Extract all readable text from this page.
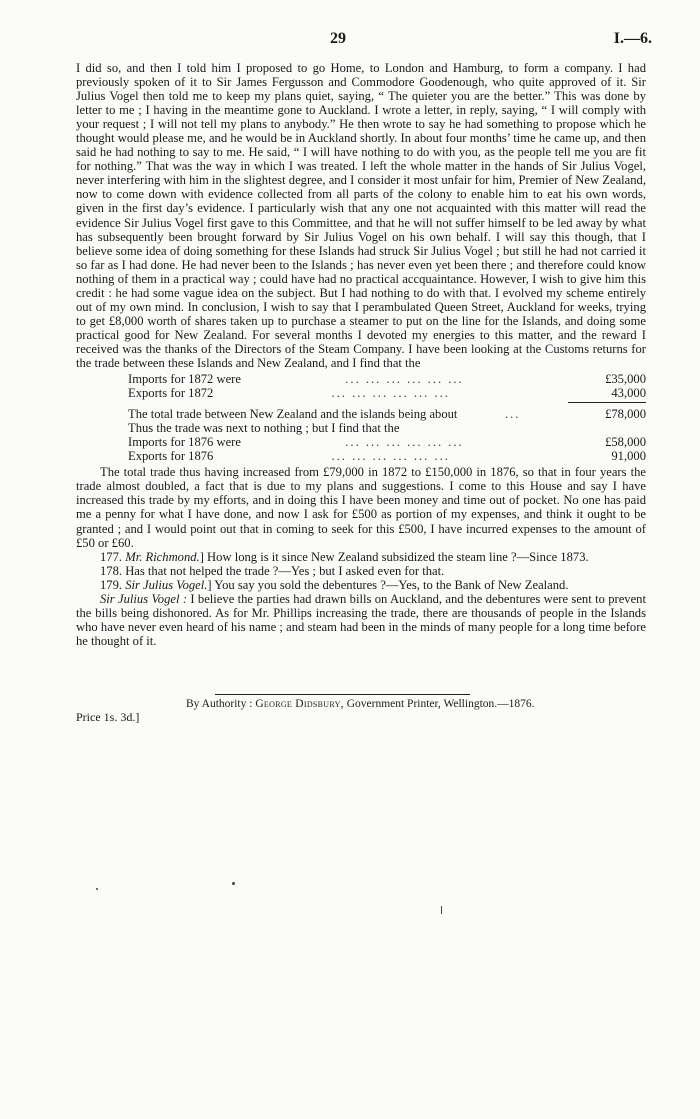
29	I.—6.

I did so, and then I told him I proposed to go Home, to London and Hamburg, to form a company. I had previously spoken of it to Sir James Fergusson and Commodore Goodenough, who quite approved of it. Sir Julius Vogel then told me to keep my plans quiet, saying, “ The quieter you are the better.” This was done by letter to me ; I having in the meantime gone to Auckland. I wrote a letter, in reply, saying, “ I will comply with your request ; I will not tell my plans to anybody.” He then wrote to say he had something to propose which he thought would please me, and he would be in Auckland shortly. In about four months’ time he came up, and then said he had nothing to say to me. He said, “ I will have nothing to do with you, as the people tell me you are fit for nothing.” That was the way in which I was treated. I left the whole matter in the hands of Sir Julius Vogel, never interfering with him in the slightest degree, and I consider it most unfair for him, Premier of New Zealand, now to come down with evidence collected from all parts of the colony to enable him to eat his own words, given in the first day’s evidence. I particularly wish that any one not acquainted with this matter will read the evidence Sir Julius Vogel first gave to this Committee, and that he will not suffer himself to be led away by what has subsequently been brought forward by Sir Julius Vogel on his own behalf. I will say this though, that I believe some idea of doing something for these Islands had struck Sir Julius Vogel ; but still he had not carried it so far as I had done. He had never been to the Islands ; has never even yet been there ; and therefore could know nothing of them in a practical way ; could have had no practical accquaintance. However, I wish to give him this credit : he had some vague idea on the subject. But I had nothing to do with that. I evolved my scheme entirely out of my own mind. In conclusion, I wish to say that I perambulated Queen Street, Auckland for weeks, trying to get £8,000 worth of shares taken up to purchase a steamer to put on the line for the Islands, and doing some practical good for New Zealand. For several months I devoted my energies to this matter, and the reward I received was the thanks of the Directors of the Steam Company. I have been looking at the Customs returns for the trade between these Islands and New Zealand, and I find that the

Imports for 1872 were	... ... ... ... ... ...	£35,000
Exports for 1872	... ... ... ... ... ...	43,000
The total trade between New Zealand and the islands being about	...	£78,000
Thus the trade was next to nothing ; but I find that the
Imports for 1876 were	... ... ... ... ... ...	£58,000
Exports for 1876	... ... ... ... ... ...	91,000

The total trade thus having increased from £79,000 in 1872 to £150,000 in 1876, so that in four years the trade almost doubled, a fact that is due to my plans and suggestions. I come to this House and say I have increased this trade by my efforts, and in doing this I have been money and time out of pocket. No one has paid me a penny for what I have done, and now I ask for £500 as portion of my expenses, and think it ought to be granted ; and I would point out that in coming to seek for this £500, I have incurred expenses to the amount of £50 or £60.

177. Mr. Richmond.] How long is it since New Zealand subsidized the steam line ?—Since 1873.

178. Has that not helped the trade ?—Yes ; but I asked even for that.

179. Sir Julius Vogel.] You say you sold the debentures ?—Yes, to the Bank of New Zealand.

Sir Julius Vogel : I believe the parties had drawn bills on Auckland, and the debentures were sent to prevent the bills being dishonored. As for Mr. Phillips increasing the trade, there are thousands of people in the Islands who have never even heard of his name ; and steam had been in the minds of many people for a long time before he thought of it.

By Authority : George Didsbury, Government Printer, Wellington.—1876.
Price 1s. 3d.]
